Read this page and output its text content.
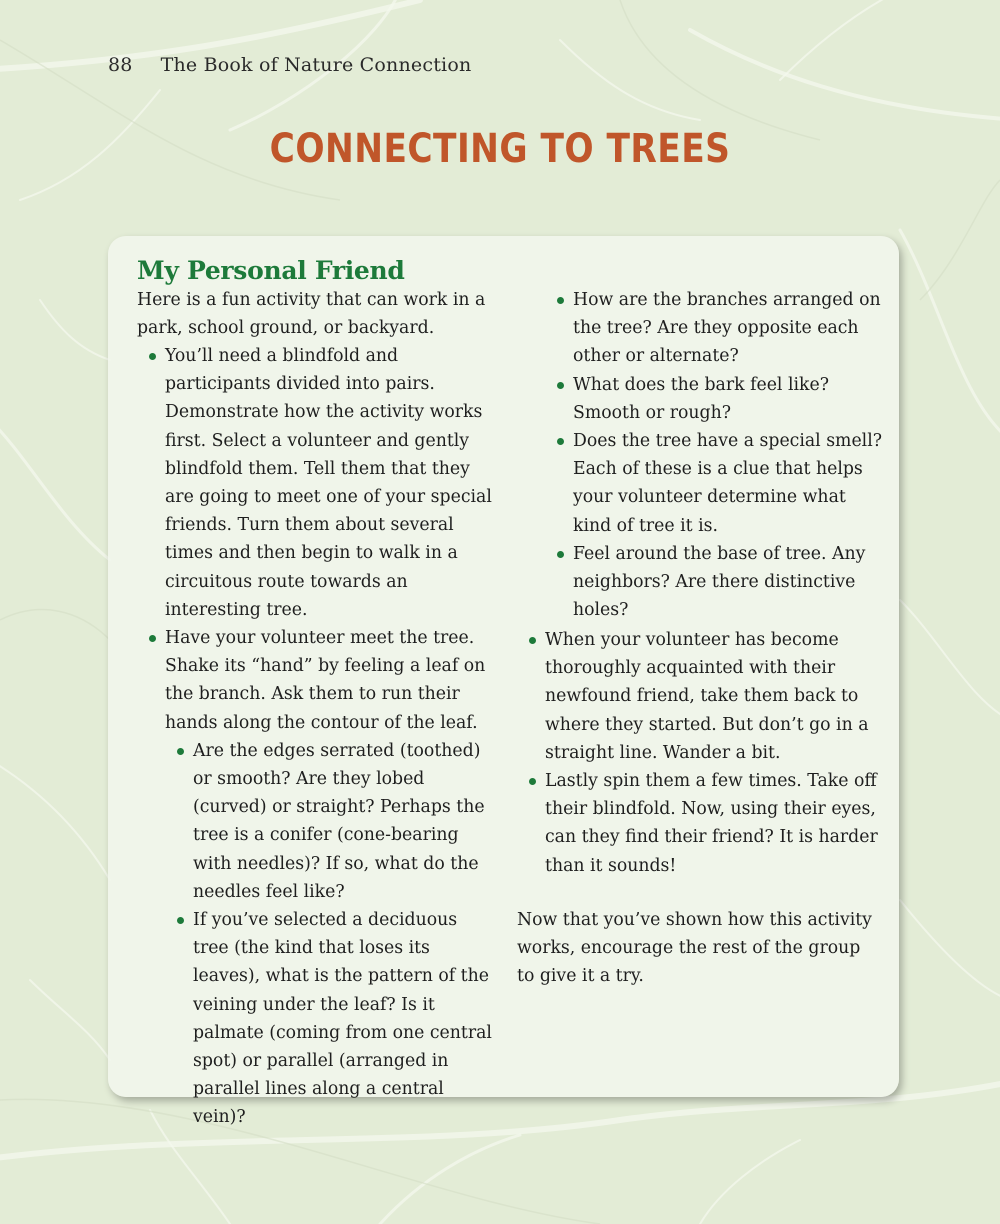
88 The Book of Nature Connection
CONNECTING TO TREES
My Personal Friend

Here is a fun activity that can work in a park, school ground, or backyard.

You’ll need a blindfold and participants divided into pairs. Demonstrate how the activity works first. Select a volunteer and gently blindfold them. Tell them that they are going to meet one of your special friends. Turn them about several times and then begin to walk in a circuitous route towards an interesting tree.
Have your volunteer meet the tree. Shake its “hand” by feeling a leaf on the branch. Ask them to run their hands along the contour of the leaf.
Are the edges serrated (toothed) or smooth? Are they lobed (curved) or straight? Perhaps the tree is a conifer (cone-bearing with needles)? If so, what do the needles feel like?
If you’ve selected a deciduous tree (the kind that loses its leaves), what is the pattern of the veining under the leaf? Is it palmate (coming from one central spot) or parallel (arranged in parallel lines along a central vein)?
How are the branches arranged on the tree? Are they opposite each other or alternate?
What does the bark feel like? Smooth or rough?
Does the tree have a special smell? Each of these is a clue that helps your volunteer determine what kind of tree it is.
Feel around the base of tree. Any neighbors? Are there distinctive holes?
When your volunteer has become thoroughly acquainted with their newfound friend, take them back to where they started. But don’t go in a straight line. Wander a bit.
Lastly spin them a few times. Take off their blindfold. Now, using their eyes, can they find their friend? It is harder than it sounds!

Now that you’ve shown how this activity works, encourage the rest of the group to give it a try.
